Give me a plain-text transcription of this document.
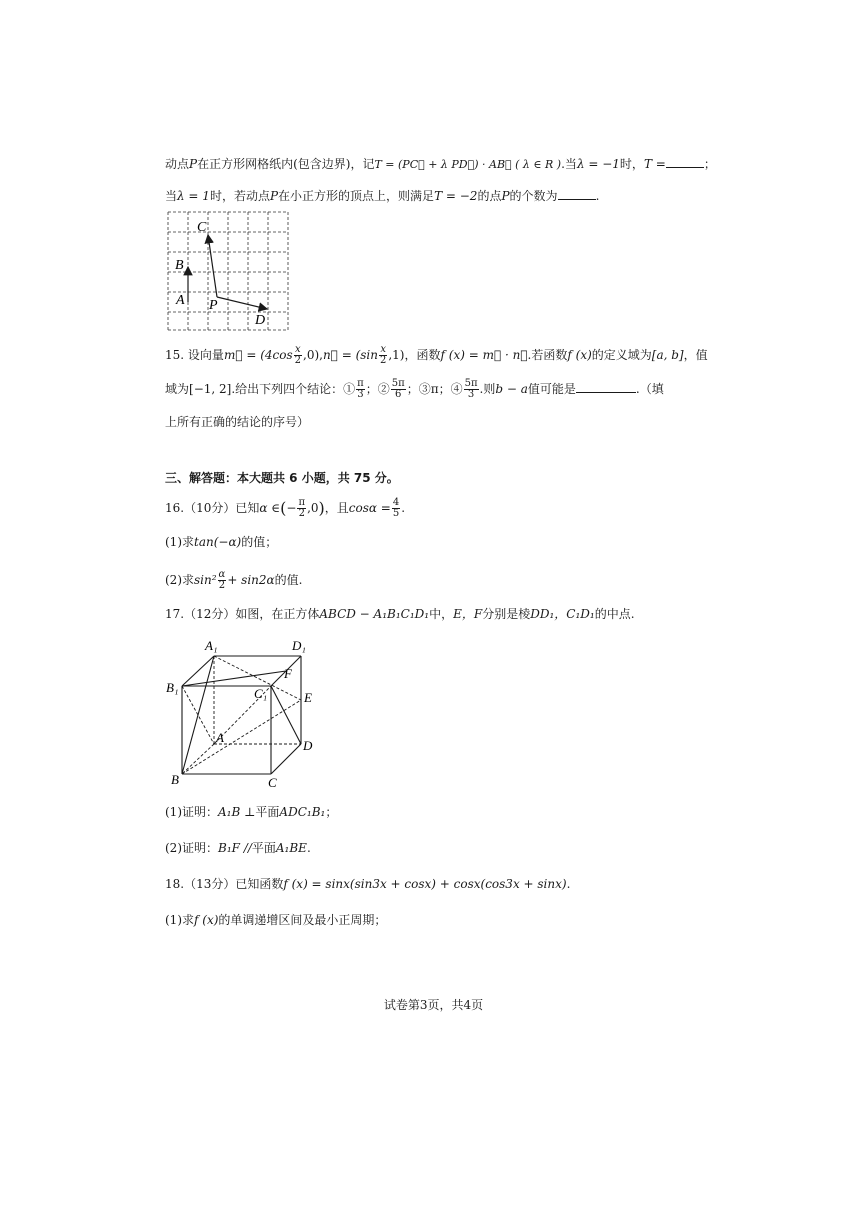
动点P在正方形网格纸内(包含边界)，记T = (PC⃗ + λ PD⃗) · AB⃗ ( λ ∈ R ).当λ = −1时，T =	；
当λ = 1时，若动点P在小正方形的顶点上，则满足T = −2的点P的个数为	.
C
B
A P
D
15. 设向量m⃗ = ($4\cos \frac{x}{2}$ ,0),n⃗ = $(\sin \frac{x}{2} ,1)$，函数f (x) = m⃗ · n⃗.若函数f (x)的定义域为[a, b]，值
域为[−1, 2].给出下列四个结论：① $\frac{\pi}{3}$ ；② $\frac{5\pi}{6}$ ；③π；④ $\frac{5\pi}{3}$ .则b − a值可能是	.（填
上所有正确的结论的序号）
三、解答题：本大题共 6 小题，共 75 分。
16.（10分）已知α ∈(− $\frac{\pi}{2} ,0$)，且$\cos\alpha = \frac{4}{5}$ .
(1)求tan(−α)的值；
(2)求$\sin^2 \frac{\alpha}{2} + \sin 2\alpha$的值.
17.（12分）如图，在正方体ABCD − A₁B₁C₁D₁中，E，F分别是棱DD₁，C₁D₁的中点.
A₁	D₁
B₁	C₁
F
E
A
D
B	C
(1)证明：A₁B ⊥平面ADC₁B₁；
(2)证明：B₁F //平面A₁BE.
18.（13分）已知函数f (x) = sinx(sin3x + cosx) + cosx(cos3x + sinx).
(1)求f (x)的单调递增区间及最小正周期；
试卷第3页，共4页
